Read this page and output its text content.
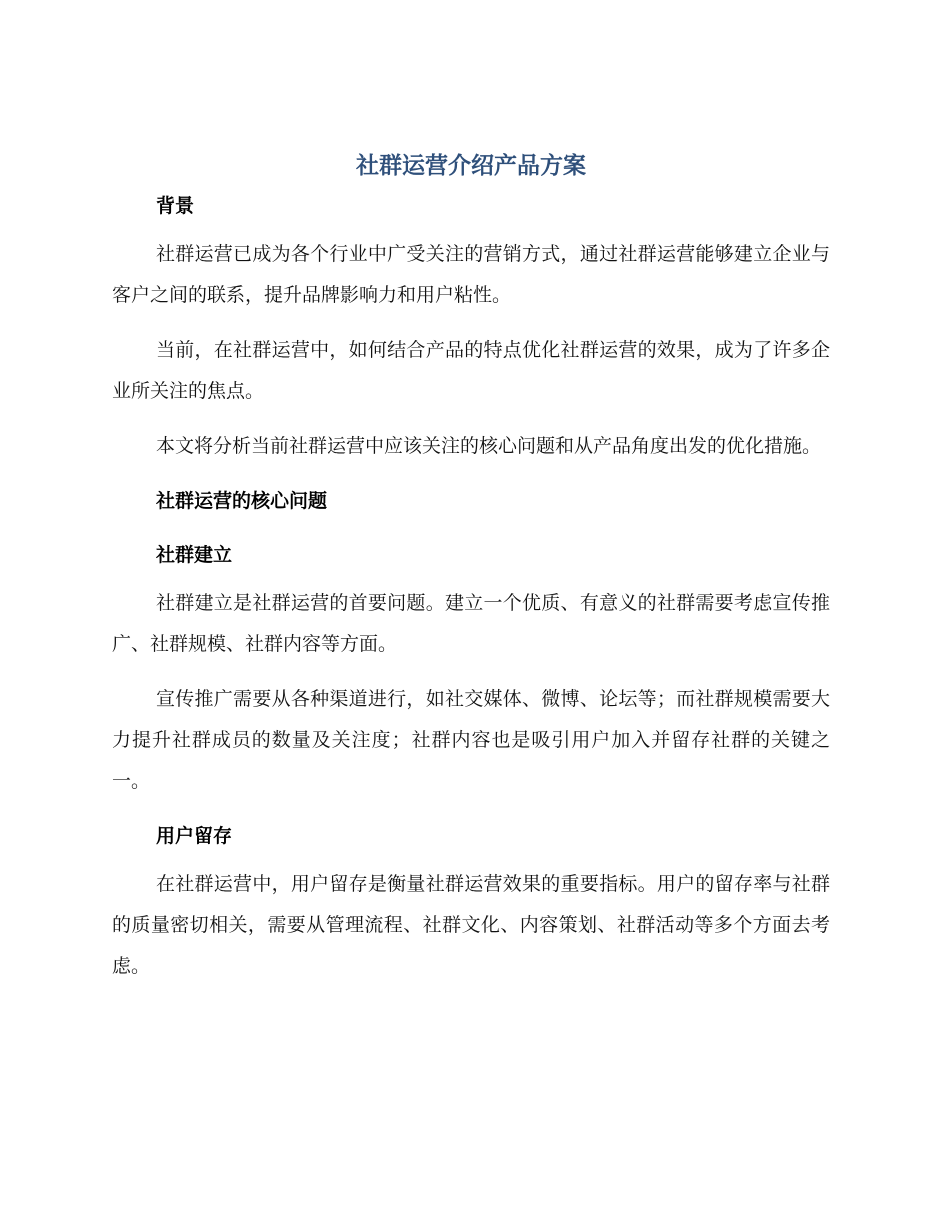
社群运营介绍产品方案
背景

社群运营已成为各个行业中广受关注的营销方式，通过社群运营能够建立企业与客户之间的联系，提升品牌影响力和用户粘性。

当前，在社群运营中，如何结合产品的特点优化社群运营的效果，成为了许多企业所关注的焦点。

本文将分析当前社群运营中应该关注的核心问题和从产品角度出发的优化措施。

社群运营的核心问题
社群建立

社群建立是社群运营的首要问题。建立一个优质、有意义的社群需要考虑宣传推广、社群规模、社群内容等方面。

宣传推广需要从各种渠道进行，如社交媒体、微博、论坛等；而社群规模需要大力提升社群成员的数量及关注度；社群内容也是吸引用户加入并留存社群的关键之一。

用户留存

在社群运营中，用户留存是衡量社群运营效果的重要指标。用户的留存率与社群的质量密切相关，需要从管理流程、社群文化、内容策划、社群活动等多个方面去考虑。
